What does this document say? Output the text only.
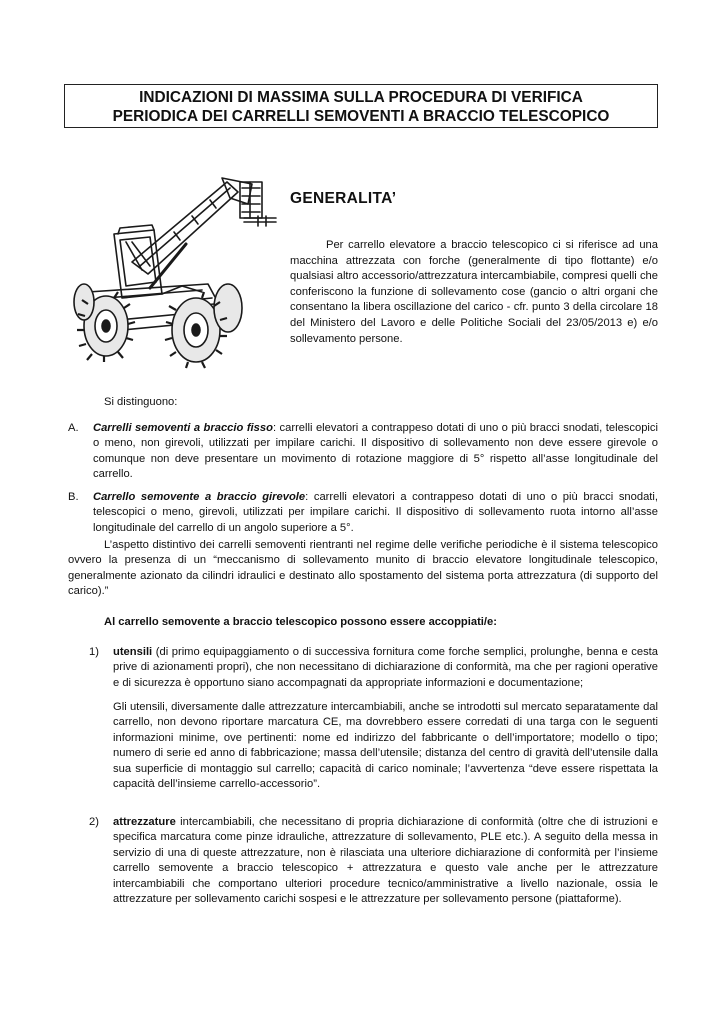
INDICAZIONI DI MASSIMA SULLA PROCEDURA DI VERIFICA
PERIODICA DEI CARRELLI SEMOVENTI A BRACCIO TELESCOPICO
GENERALITA’

Per carrello elevatore a braccio telescopico ci si riferisce ad una macchina attrezzata con forche (generalmente di tipo flottante) e/o qualsiasi altro accessorio/attrezzatura intercambiabile, compresi quelli che conferiscono la funzione di sollevamento cose (gancio o altri organi che consentano la libera oscillazione del carico - cfr. punto 3 della circolare 18 del Ministero del Lavoro e delle Politiche Sociali del 23/05/2013 e) e/o sollevamento persone.

Si distinguono:

A. Carrelli semoventi a braccio fisso: carrelli elevatori a contrappeso dotati di uno o più bracci snodati, telescopici o meno, non girevoli, utilizzati per impilare carichi. Il dispositivo di sollevamento non deve essere girevole o comunque non deve presentare un movimento di rotazione maggiore di 5° rispetto all’asse longitudinale del carrello.

B. Carrello semovente a braccio girevole: carrelli elevatori a contrappeso dotati di uno o più bracci snodati, telescopici o meno, girevoli, utilizzati per impilare carichi. Il dispositivo di sollevamento ruota intorno all’asse longitudinale del carrello di un angolo superiore a 5°.

L’aspetto distintivo dei carrelli semoventi rientranti nel regime delle verifiche periodiche è il sistema telescopico ovvero la presenza di un “meccanismo di sollevamento munito di braccio elevatore longitudinale telescopico, generalmente azionato da cilindri idraulici e destinato allo spostamento del sistema porta attrezzatura (di supporto del carico).”

Al carrello semovente a braccio telescopico possono essere accoppiati/e:

1) utensili (di primo equipaggiamento o di successiva fornitura come forche semplici, prolunghe, benna e cesta prive di azionamenti propri), che non necessitano di dichiarazione di conformità, ma che per ragioni operative e di sicurezza è opportuno siano accompagnati da appropriate informazioni e documentazione;

Gli utensili, diversamente dalle attrezzature intercambiabili, anche se introdotti sul mercato separatamente dal carrello, non devono riportare marcatura CE, ma dovrebbero essere corredati di una targa con le seguenti informazioni minime, ove pertinenti: nome ed indirizzo del fabbricante o dell’importatore; modello o tipo; numero di serie ed anno di fabbricazione; massa dell’utensile; distanza del centro di gravità dell’utensile dalla sua superficie di montaggio sul carrello; capacità di carico nominale; l’avvertenza “deve essere rispettata la capacità dell’insieme carrello-accessorio”.

2) attrezzature intercambiabili, che necessitano di propria dichiarazione di conformità (oltre che di istruzioni e specifica marcatura come pinze idrauliche, attrezzature di sollevamento, PLE etc.). A seguito della messa in servizio di una di queste attrezzature, non è rilasciata una ulteriore dichiarazione di conformità per l’insieme carrello semovente a braccio telescopico + attrezzatura e questo vale anche per le attrezzature intercambiabili che comportano ulteriori procedure tecnico/amministrative a livello nazionale, ossia le attrezzature per sollevamento carichi sospesi e le attrezzature per sollevamento persone (piattaforme).
